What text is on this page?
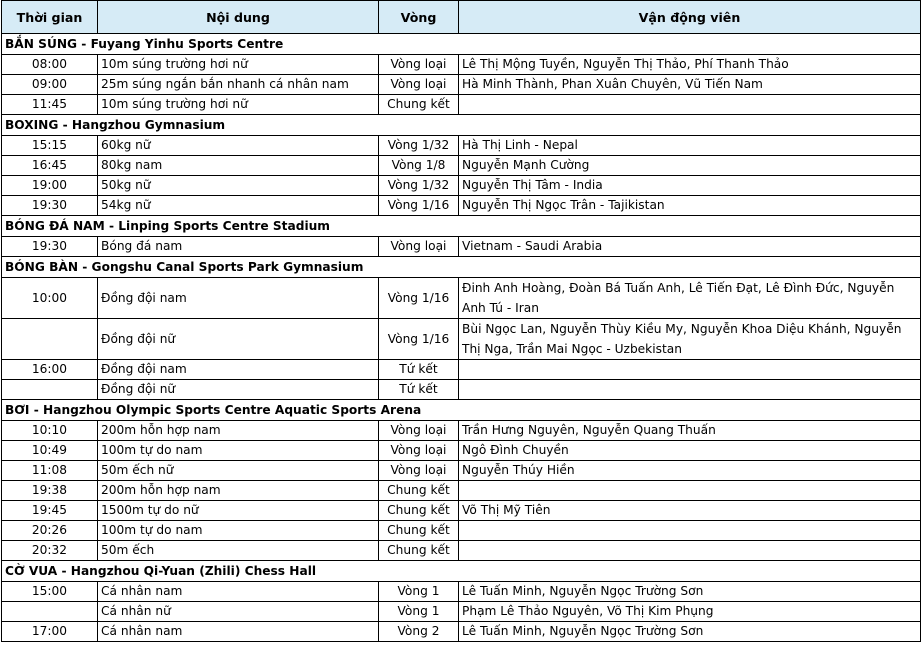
Thời gian	Nội dung	Vòng	Vận động viên
BẮN SÚNG - Fuyang Yinhu Sports Centre			
08:00	10m súng trường hơi nữ	Vòng loại	Lê Thị Mộng Tuyền, Nguyễn Thị Thảo, Phí Thanh Thảo
09:00	25m súng ngắn bắn nhanh cá nhân nam	Vòng loại	Hà Minh Thành, Phan Xuân Chuyên, Vũ Tiến Nam
11:45	10m súng trường hơi nữ	Chung kết	
BOXING - Hangzhou Gymnasium			
15:15	60kg nữ	Vòng 1/32	Hà Thị Linh - Nepal
16:45	80kg nam	Vòng 1/8	Nguyễn Mạnh Cường
19:00	50kg nữ	Vòng 1/32	Nguyễn Thị Tâm - India
19:30	54kg nữ	Vòng 1/16	Nguyễn Thị Ngọc Trân - Tajikistan
BÓNG ĐÁ NAM - Linping Sports Centre Stadium			
19:30	Bóng đá nam	Vòng loại	Vietnam - Saudi Arabia
BÓNG BÀN - Gongshu Canal Sports Park Gymnasium			
10:00	Đồng đội nam	Vòng 1/16	Đinh Anh Hoàng, Đoàn Bá Tuấn Anh, Lê Tiến Đạt, Lê Đình Đức, Nguyễn Anh Tú - Iran
	Đồng đội nữ	Vòng 1/16	Bùi Ngọc Lan, Nguyễn Thùy Kiều My, Nguyễn Khoa Diệu Khánh, Nguyễn Thị Nga, Trần Mai Ngọc - Uzbekistan
16:00	Đồng đội nam	Tứ kết	
	Đồng đội nữ	Tứ kết	
BƠI - Hangzhou Olympic Sports Centre Aquatic Sports Arena			
10:10	200m hỗn hợp nam	Vòng loại	Trần Hưng Nguyên, Nguyễn Quang Thuấn
10:49	100m tự do nam	Vòng loại	Ngô Đình Chuyền
11:08	50m ếch nữ	Vòng loại	Nguyễn Thúy Hiền
19:38	200m hỗn hợp nam	Chung kết	
19:45	1500m tự do nữ	Chung kết	Võ Thị Mỹ Tiên
20:26	100m tự do nam	Chung kết	
20:32	50m ếch	Chung kết	
CỜ VUA - Hangzhou Qi-Yuan (Zhili) Chess Hall			
15:00	Cá nhân nam	Vòng 1	Lê Tuấn Minh, Nguyễn Ngọc Trường Sơn
	Cá nhân nữ	Vòng 1	Phạm Lê Thảo Nguyên, Võ Thị Kim Phụng
17:00	Cá nhân nam	Vòng 2	Lê Tuấn Minh, Nguyễn Ngọc Trường Sơn
